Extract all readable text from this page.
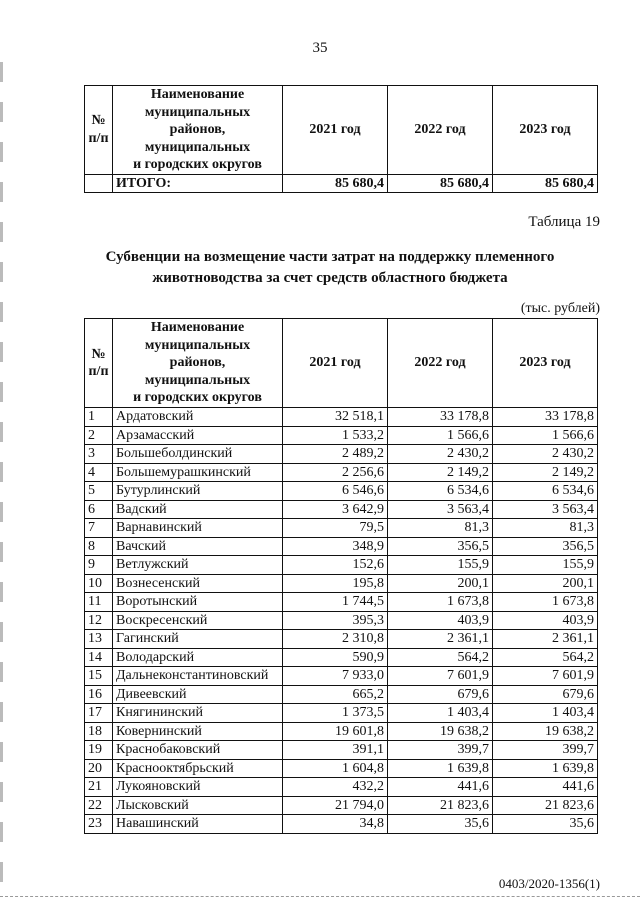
35
№ п/п	Наименование
муниципальных
районов,
муниципальных
и городских округов	2021 год	2022 год	2023 год
	ИТОГО:	85 680,4	85 680,4	85 680,4
Таблица 19
Субвенции на возмещение части затрат на поддержку племенного
животноводства за счет средств областного бюджета
(тыс. рублей)
№ п/п	Наименование
муниципальных
районов,
муниципальных
и городских округов	2021 год	2022 год	2023 год
1	Ардатовский	32 518,1	33 178,8	33 178,8
2	Арзамасский	1 533,2	1 566,6	1 566,6
3	Большеболдинский	2 489,2	2 430,2	2 430,2
4	Большемурашкинский	2 256,6	2 149,2	2 149,2
5	Бутурлинский	6 546,6	6 534,6	6 534,6
6	Вадский	3 642,9	3 563,4	3 563,4
7	Варнавинский	79,5	81,3	81,3
8	Вачский	348,9	356,5	356,5
9	Ветлужский	152,6	155,9	155,9
10	Вознесенский	195,8	200,1	200,1
11	Воротынский	1 744,5	1 673,8	1 673,8
12	Воскресенский	395,3	403,9	403,9
13	Гагинский	2 310,8	2 361,1	2 361,1
14	Володарский	590,9	564,2	564,2
15	Дальнеконстантиновский	7 933,0	7 601,9	7 601,9
16	Дивеевский	665,2	679,6	679,6
17	Княгининский	1 373,5	1 403,4	1 403,4
18	Ковернинский	19 601,8	19 638,2	19 638,2
19	Краснобаковский	391,1	399,7	399,7
20	Краснооктябрьский	1 604,8	1 639,8	1 639,8
21	Лукояновский	432,2	441,6	441,6
22	Лысковский	21 794,0	21 823,6	21 823,6
23	Навашинский	34,8	35,6	35,6
0403/2020-1356(1)
